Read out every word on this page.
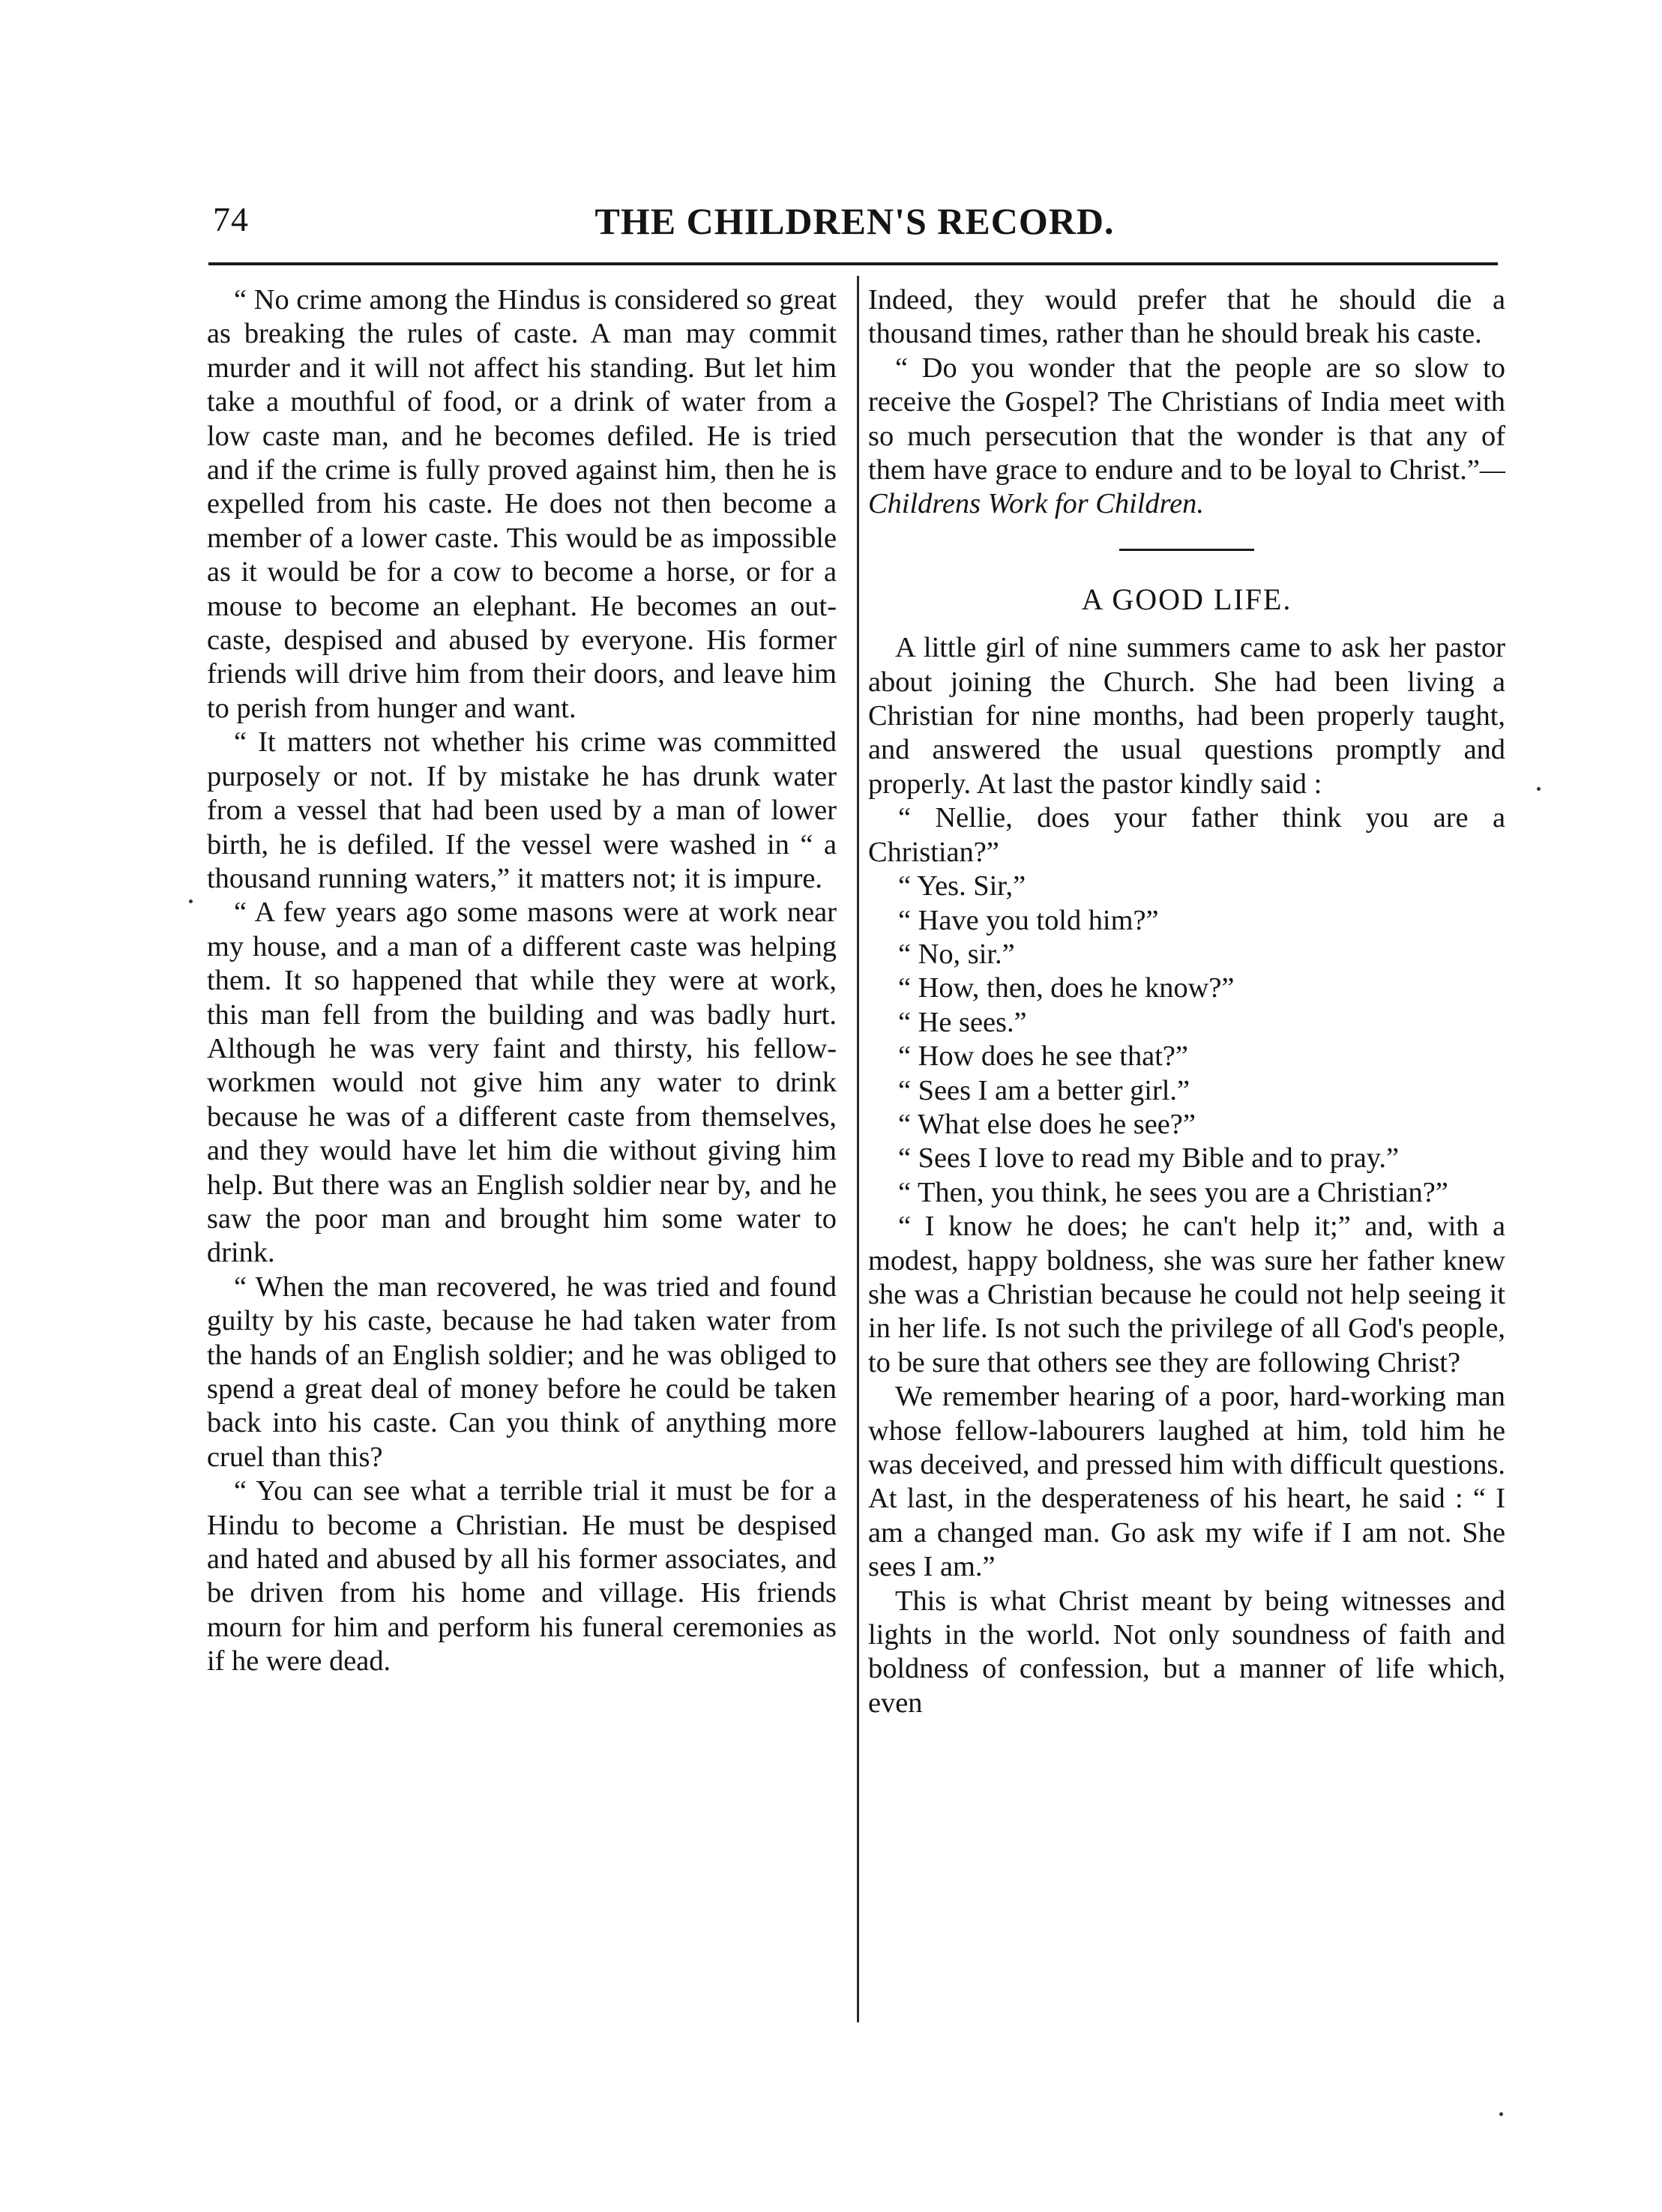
74	THE CHILDREN'S RECORD.

“ No crime among the Hindus is considered so great as breaking the rules of caste. A man may commit murder and it will not affect his standing. But let him take a mouthful of food, or a drink of water from a low caste man, and he becomes defiled. He is tried and if the crime is fully proved against him, then he is expelled from his caste. He does not then become a member of a lower caste. This would be as impossible as it would be for a cow to become a horse, or for a mouse to become an elephant. He becomes an out-caste, despised and abused by everyone. His former friends will drive him from their doors, and leave him to perish from hunger and want.

“ It matters not whether his crime was committed purposely or not. If by mistake he has drunk water from a vessel that had been used by a man of lower birth, he is defiled. If the vessel were washed in “ a thousand running waters,” it matters not; it is impure.

“ A few years ago some masons were at work near my house, and a man of a different caste was helping them. It so happened that while they were at work, this man fell from the building and was badly hurt. Although he was very faint and thirsty, his fellow-workmen would not give him any water to drink because he was of a different caste from themselves, and they would have let him die without giving him help. But there was an English soldier near by, and he saw the poor man and brought him some water to drink.

“ When the man recovered, he was tried and found guilty by his caste, because he had taken water from the hands of an English soldier; and he was obliged to spend a great deal of money before he could be taken back into his caste. Can you think of anything more cruel than this?

“ You can see what a terrible trial it must be for a Hindu to become a Christian. He must be despised and hated and abused by all his former associates, and be driven from his home and village. His friends mourn for him and perform his funeral ceremonies as if he were dead.

Indeed, they would prefer that he should die a thousand times, rather than he should break his caste.

“ Do you wonder that the people are so slow to receive the Gospel? The Christians of India meet with so much persecution that the wonder is that any of them have grace to endure and to be loyal to Christ.”—Childrens Work for Children.

A GOOD LIFE.

A little girl of nine summers came to ask her pastor about joining the Church. She had been living a Christian for nine months, had been properly taught, and answered the usual questions promptly and properly. At last the pastor kindly said :

“ Nellie, does your father think you are a Christian?”

“ Yes. Sir,”

“ Have you told him?”

“ No, sir.”

“ How, then, does he know?”

“ He sees.”

“ How does he see that?”

“ Sees I am a better girl.”

“ What else does he see?”

“ Sees I love to read my Bible and to pray.”

“ Then, you think, he sees you are a Christian?”

“ I know he does; he can't help it;” and, with a modest, happy boldness, she was sure her father knew she was a Christian because he could not help seeing it in her life. Is not such the privilege of all God's people, to be sure that others see they are following Christ?

We remember hearing of a poor, hard-working man whose fellow-labourers laughed at him, told him he was deceived, and pressed him with difficult questions. At last, in the desperateness of his heart, he said : “ I am a changed man. Go ask my wife if I am not. She sees I am.”

This is what Christ meant by being witnesses and lights in the world. Not only soundness of faith and boldness of confession, but a manner of life which, even
